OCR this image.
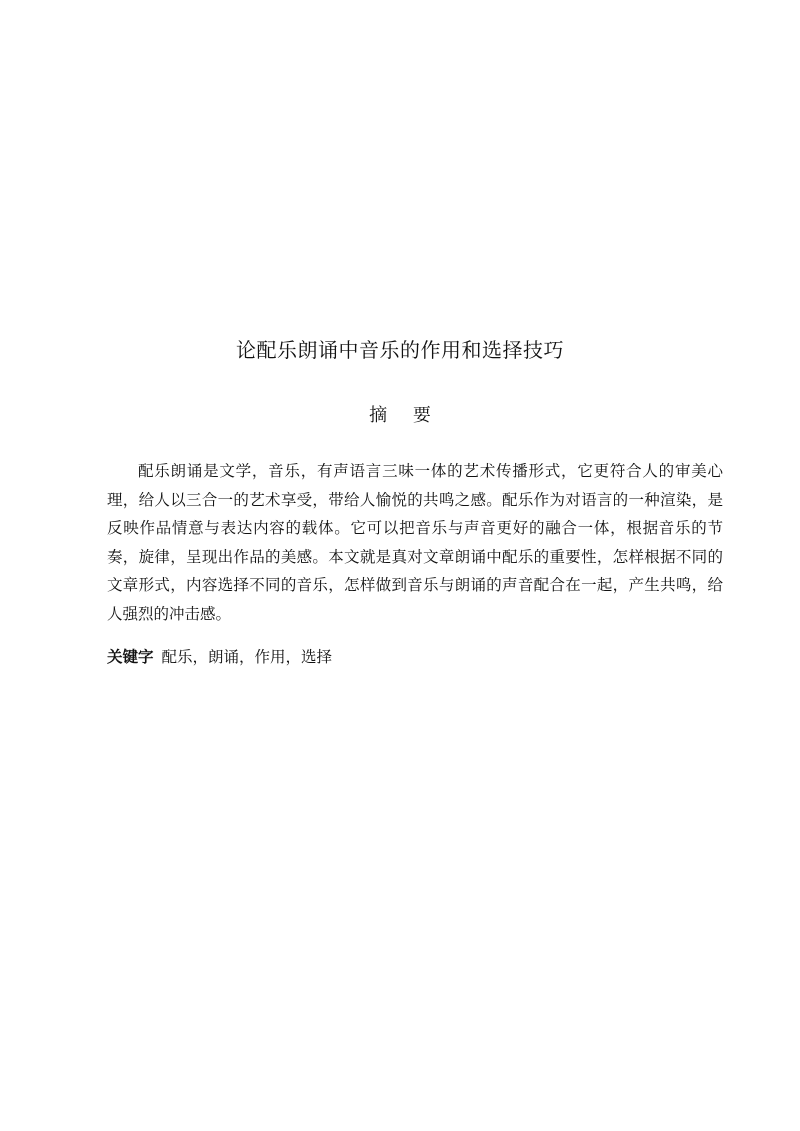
论配乐朗诵中音乐的作用和选择技巧
摘 要
配乐朗诵是文学，音乐，有声语言三味一体的艺术传播形式，它更符合人的审美心理，给人以三合一的艺术享受，带给人愉悦的共鸣之感。配乐作为对语言的一种渲染，是反映作品情意与表达内容的载体。它可以把音乐与声音更好的融合一体，根据音乐的节奏，旋律，呈现出作品的美感。本文就是真对文章朗诵中配乐的重要性，怎样根据不同的文章形式，内容选择不同的音乐，怎样做到音乐与朗诵的声音配合在一起，产生共鸣，给人强烈的冲击感。
关键字 配乐，朗诵，作用，选择
